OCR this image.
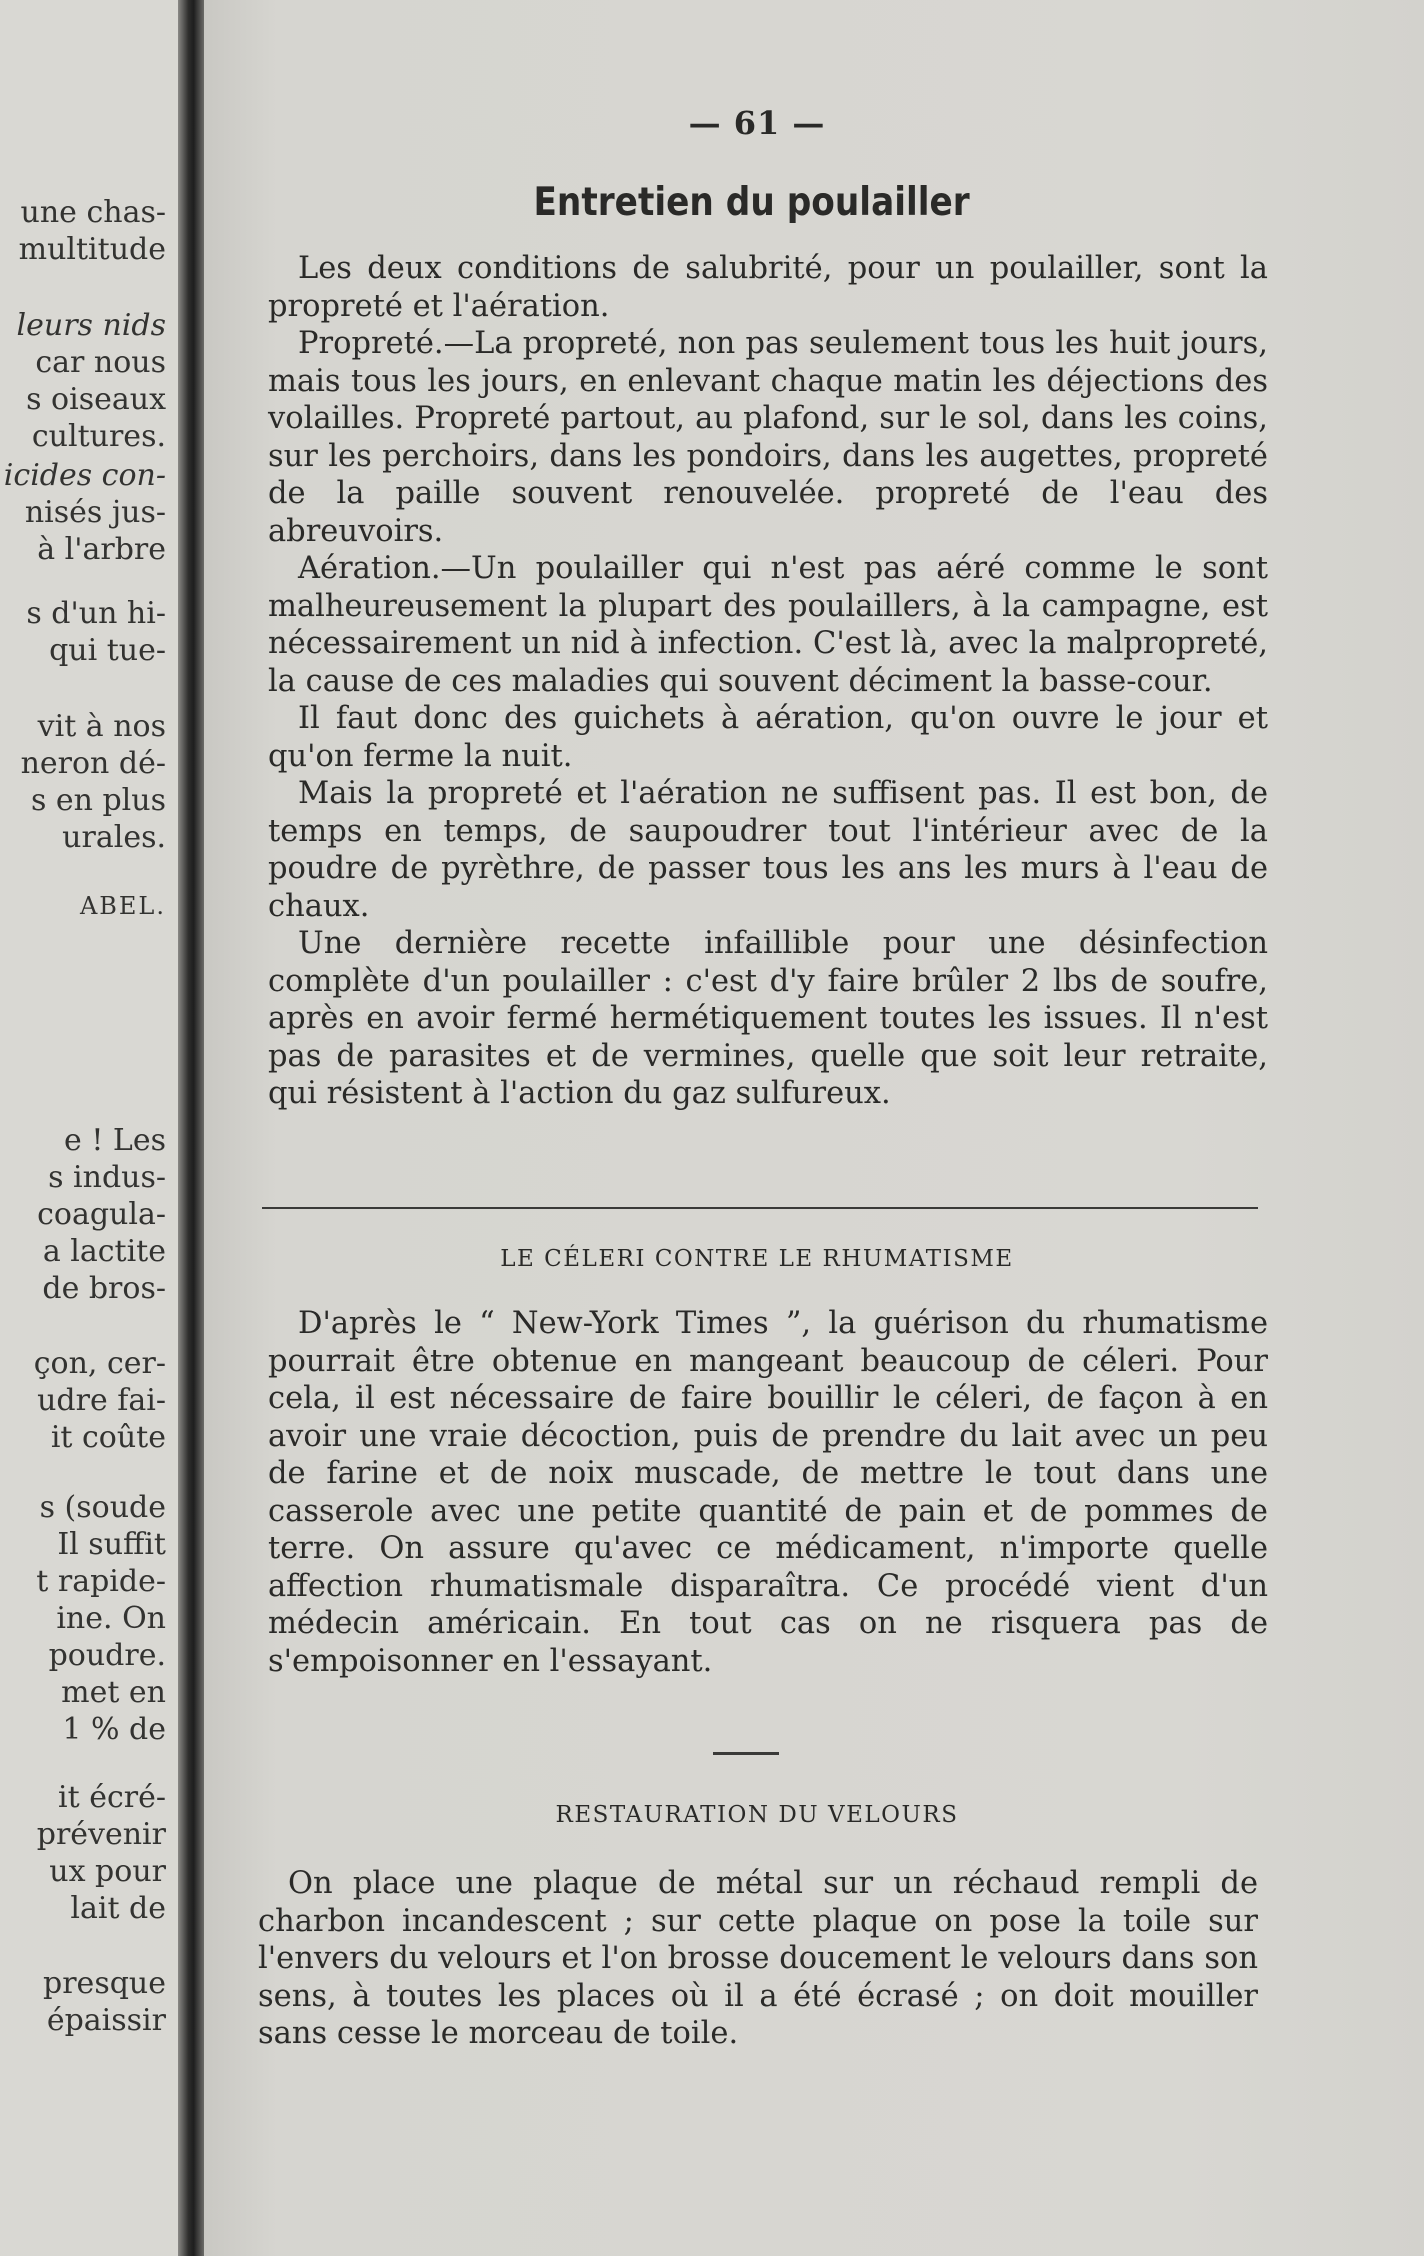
une chas-
multitude
leurs nids
car nous
s oiseaux
cultures.
icides con-
nisés jus-
à l'arbre
s d'un hi-
qui tue-
vit à nos
neron dé-
s en plus
urales.
ABEL.
e ! Les
s indus-
coagula-
a lactite
de bros-
çon, cer-
udre fai-
it coûte
s (soude
Il suffit
t rapide-
ine. On
poudre.
met en
1 % de
it écré-
prévenir
ux pour
lait de
presque
épaissir
— 61 —
Entretien du poulailler

Les deux conditions de salubrité, pour un poulailler, sont la propreté et l'aération.

Propreté.—La propreté, non pas seulement tous les huit jours, mais tous les jours, en enlevant chaque matin les déjections des volailles. Propreté partout, au plafond, sur le sol, dans les coins, sur les perchoirs, dans les pondoirs, dans les augettes, propreté de la paille souvent renouvelée. propreté de l'eau des abreuvoirs.

Aération.—Un poulailler qui n'est pas aéré comme le sont malheureusement la plupart des poulaillers, à la campagne, est nécessairement un nid à infection. C'est là, avec la malpropreté, la cause de ces maladies qui souvent déciment la basse-cour.

Il faut donc des guichets à aération, qu'on ouvre le jour et qu'on ferme la nuit.

Mais la propreté et l'aération ne suffisent pas. Il est bon, de temps en temps, de saupoudrer tout l'intérieur avec de la poudre de pyrèthre, de passer tous les ans les murs à l'eau de chaux.

Une dernière recette infaillible pour une désinfection complète d'un poulailler : c'est d'y faire brûler 2 lbs de soufre, après en avoir fermé hermétiquement toutes les issues. Il n'est pas de parasites et de vermines, quelle que soit leur retraite, qui résistent à l'action du gaz sulfureux.

LE CÉLERI CONTRE LE RHUMATISME

D'après le “ New-York Times ”, la guérison du rhumatisme pourrait être obtenue en mangeant beaucoup de céleri. Pour cela, il est nécessaire de faire bouillir le céleri, de façon à en avoir une vraie décoction, puis de prendre du lait avec un peu de farine et de noix muscade, de mettre le tout dans une casserole avec une petite quantité de pain et de pommes de terre. On assure qu'avec ce médicament, n'importe quelle affection rhumatismale disparaîtra. Ce procédé vient d'un médecin américain. En tout cas on ne risquera pas de s'empoisonner en l'essayant.

RESTAURATION DU VELOURS

On place une plaque de métal sur un réchaud rempli de charbon incandescent ; sur cette plaque on pose la toile sur l'envers du velours et l'on brosse doucement le velours dans son sens, à toutes les places où il a été écrasé ; on doit mouiller sans cesse le morceau de toile.
